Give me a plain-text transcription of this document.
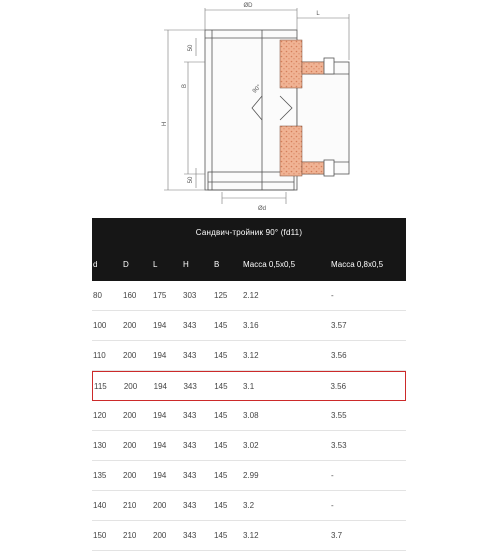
ØD
L
50
B
H
50
Ød
90°
Сандвич-тройник 90° (fd11)
d	D	L	H	B	Масса 0,5х0,5	Масса 0,8х0,5
80	160	175	303	125	2.12	-
100	200	194	343	145	3.16	3.57
110	200	194	343	145	3.12	3.56
115	200	194	343	145	3.1	3.56
120	200	194	343	145	3.08	3.55
130	200	194	343	145	3.02	3.53
135	200	194	343	145	2.99	-
140	210	200	343	145	3.2	-
150	210	200	343	145	3.12	3.7
